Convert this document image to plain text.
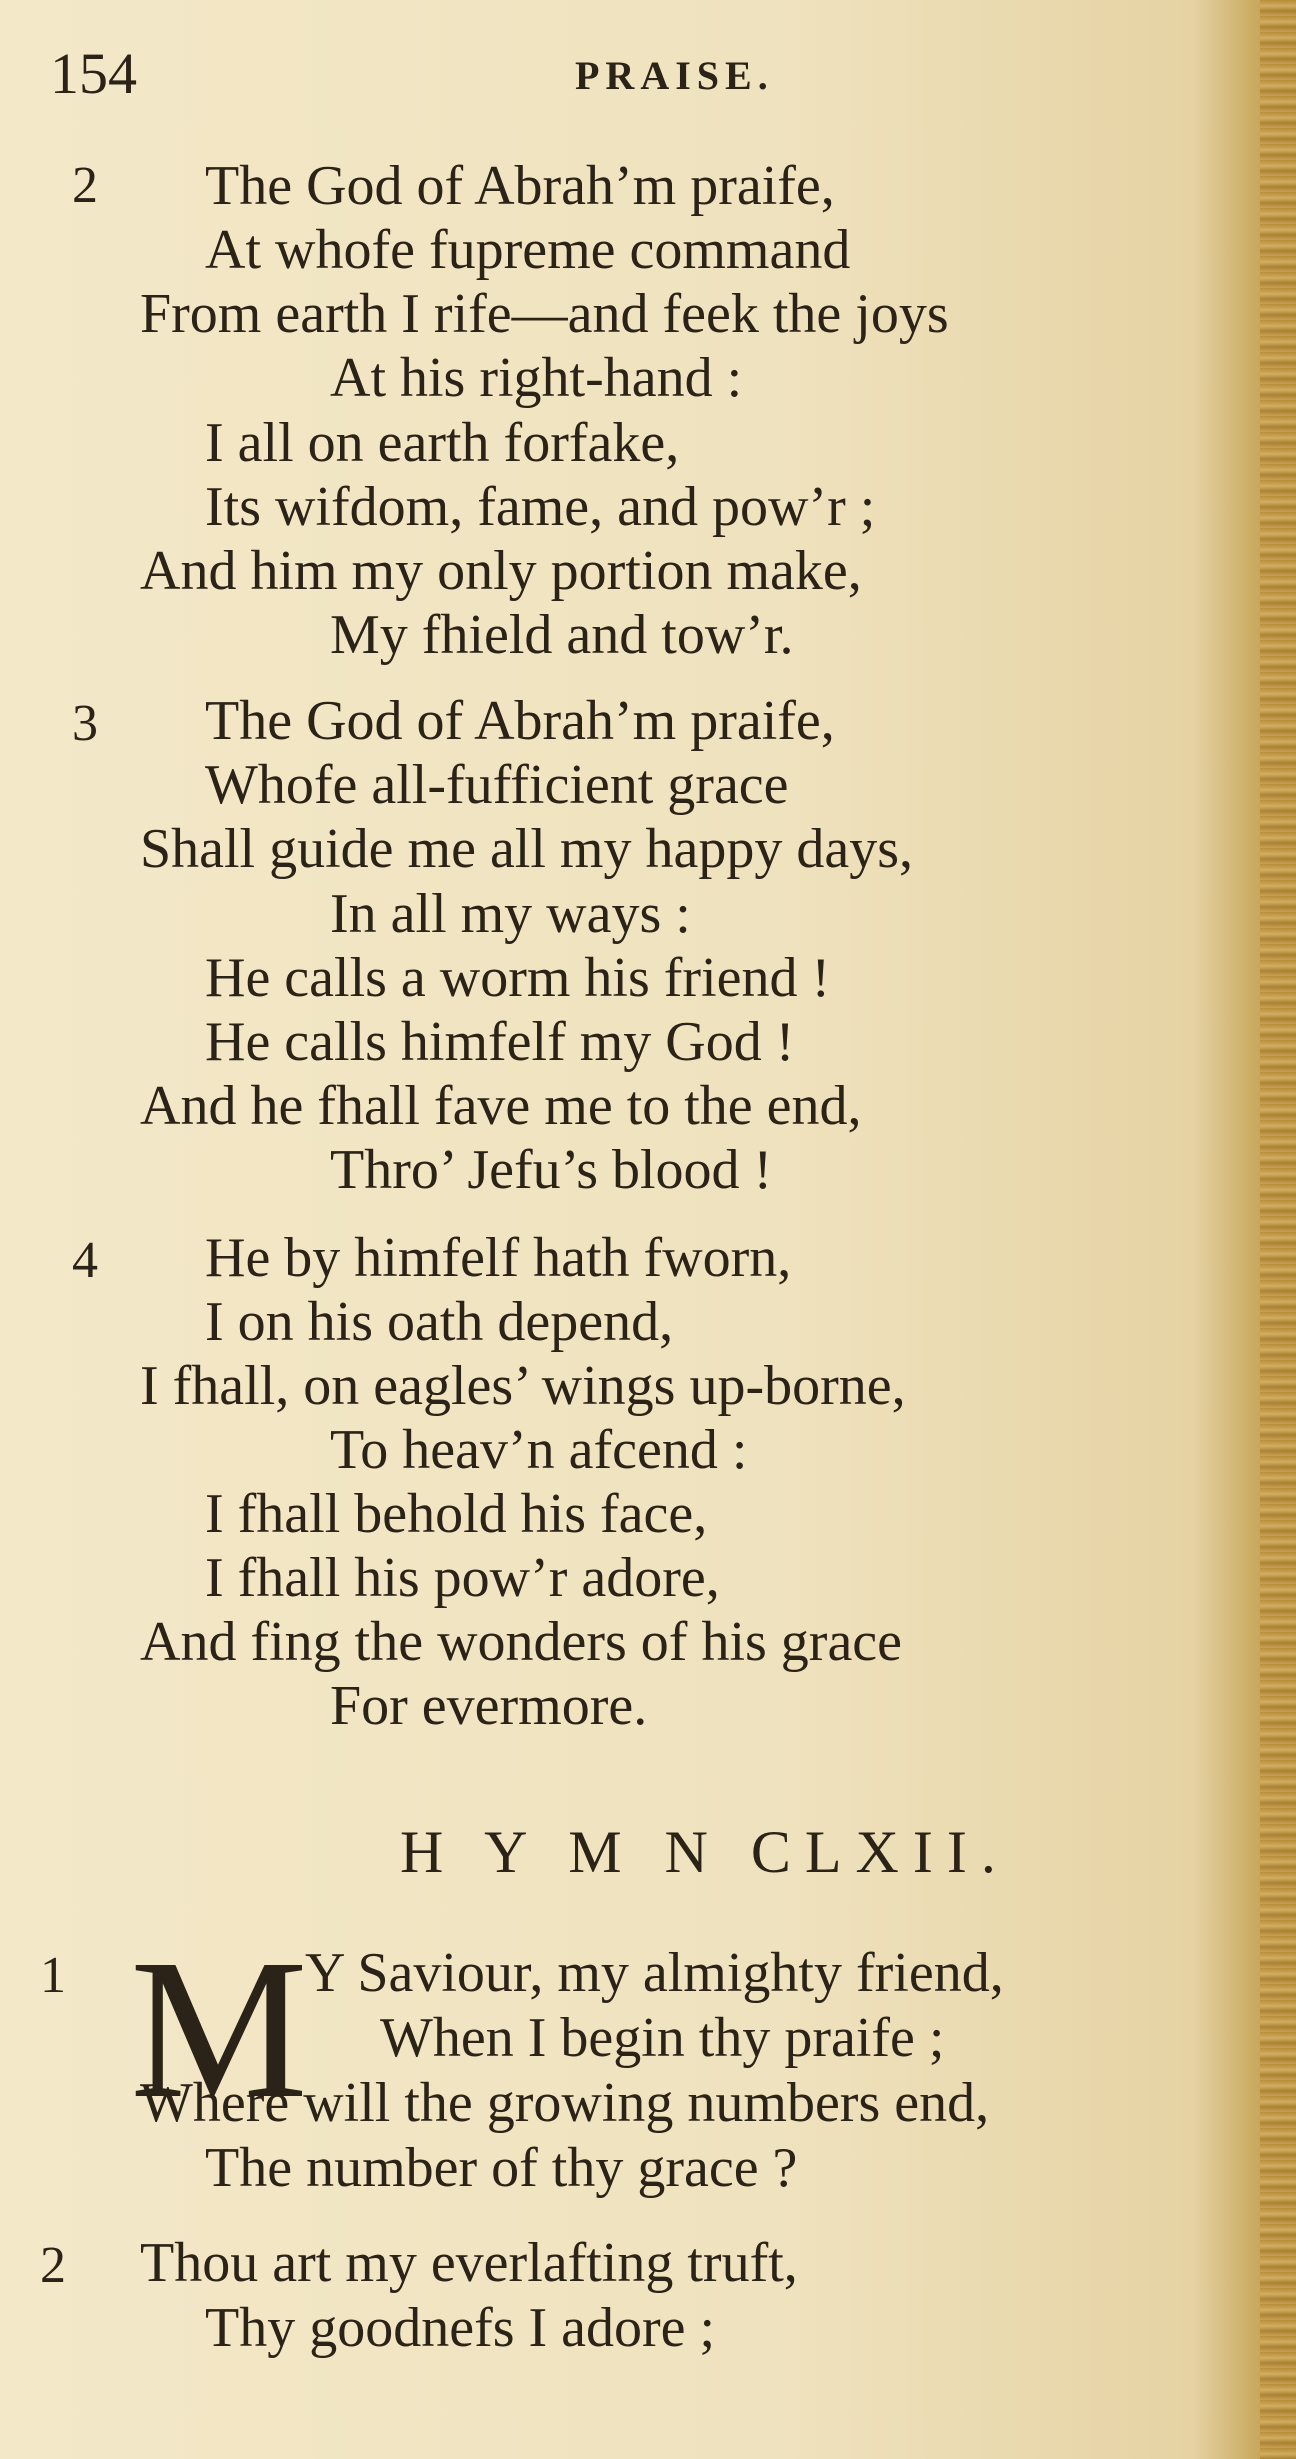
154	PRAISE.
2 The God of Abrah’m praife,
At whofe fupreme command
From earth I rife—and feek the joys
At his right-hand :
I all on earth forfake,
Its wifdom, fame, and pow’r ;
And him my only portion make,
My fhield and tow’r.
3 The God of Abrah’m praife,
Whofe all-fufficient grace
Shall guide me all my happy days,
In all my ways :
He calls a worm his friend !
He calls himfelf my God !
And he fhall fave me to the end,
Thro’ Jefu’s blood !
4 He by himfelf hath fworn,
I on his oath depend,
I fhall, on eagles’ wings up-borne,
To heav’n afcend :
I fhall behold his face,
I fhall his pow’r adore,
And fing the wonders of his grace
For evermore.
H Y M N CLXII.
1 M
Y Saviour, my almighty friend,
When I begin thy praife ;
Where will the growing numbers end,
The number of thy grace ?
2 Thou art my everlafting truft,
Thy goodnefs I adore ;
